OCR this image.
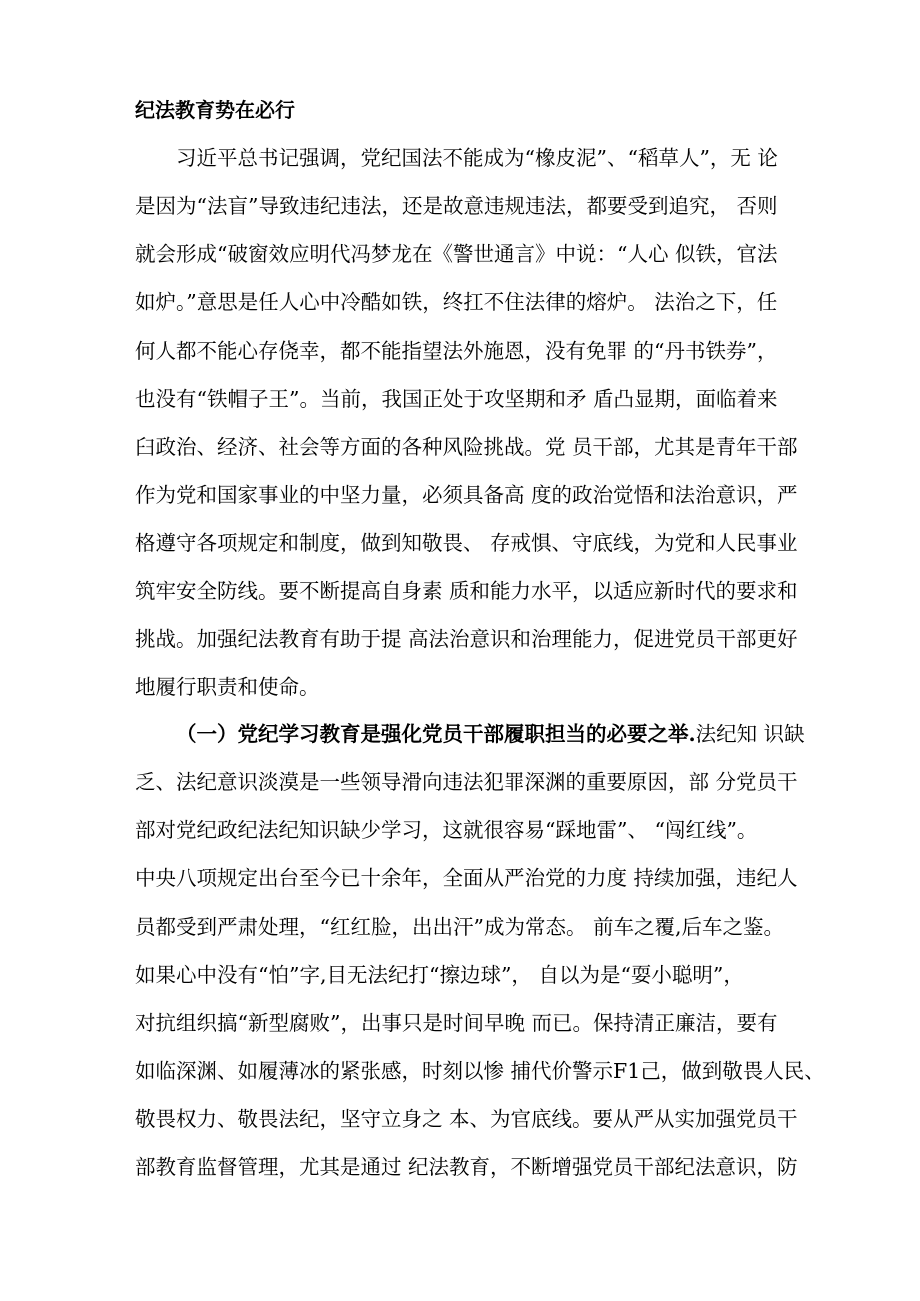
纪法教育势在必行
习近平总书记强调，党纪国法不能成为“橡皮泥”、“稻草人”，无 论
是因为“法盲”导致违纪违法，还是故意违规违法，都要受到追究， 否则
就会形成“破窗效应明代冯梦龙在《警世通言》中说：“人心 似铁，官法
如炉。”意思是任人心中冷酷如铁，终扛不住法律的熔炉。 法治之下，任
何人都不能心存侥幸，都不能指望法外施恩，没有免罪 的“丹书铁券”，
也没有“铁帽子王”。当前，我国正处于攻坚期和矛 盾凸显期，面临着来
臼政治、经济、社会等方面的各种风险挑战。党 员干部，尤其是青年干部
作为党和国家事业的中坚力量，必须具备高 度的政治觉悟和法治意识，严
格遵守各项规定和制度，做到知敬畏、 存戒惧、守底线，为党和人民事业
筑牢安全防线。要不断提高自身素 质和能力水平，以适应新时代的要求和
挑战。加强纪法教育有助于提 高法治意识和治理能力，促进党员干部更好
地履行职责和使命。
（一）党纪学习教育是强化党员干部履职担当的必要之举.法纪知 识缺
乏、法纪意识淡漠是一些领导滑向违法犯罪深渊的重要原因，部 分党员干
部对党纪政纪法纪知识缺少学习，这就很容易“踩地雷”、 “闯红线”。
中央八项规定出台至今已十余年，全面从严治党的力度 持续加强，违纪人
员都受到严肃处理，“红红脸，出出汗”成为常态。 前车之覆,后车之鉴。
如果心中没有“怕”字,目无法纪打“擦边球”， 自以为是“耍小聪明”，
对抗组织搞“新型腐败”，出事只是时间早晚 而已。保持清正廉洁，要有
如临深渊、如履薄冰的紧张感，时刻以惨 捕代价警示F1己，做到敬畏人民、
敬畏权力、敬畏法纪，坚守立身之 本、为官底线。要从严从实加强党员干
部教育监督管理，尤其是通过 纪法教育，不断增强党员干部纪法意识，防
